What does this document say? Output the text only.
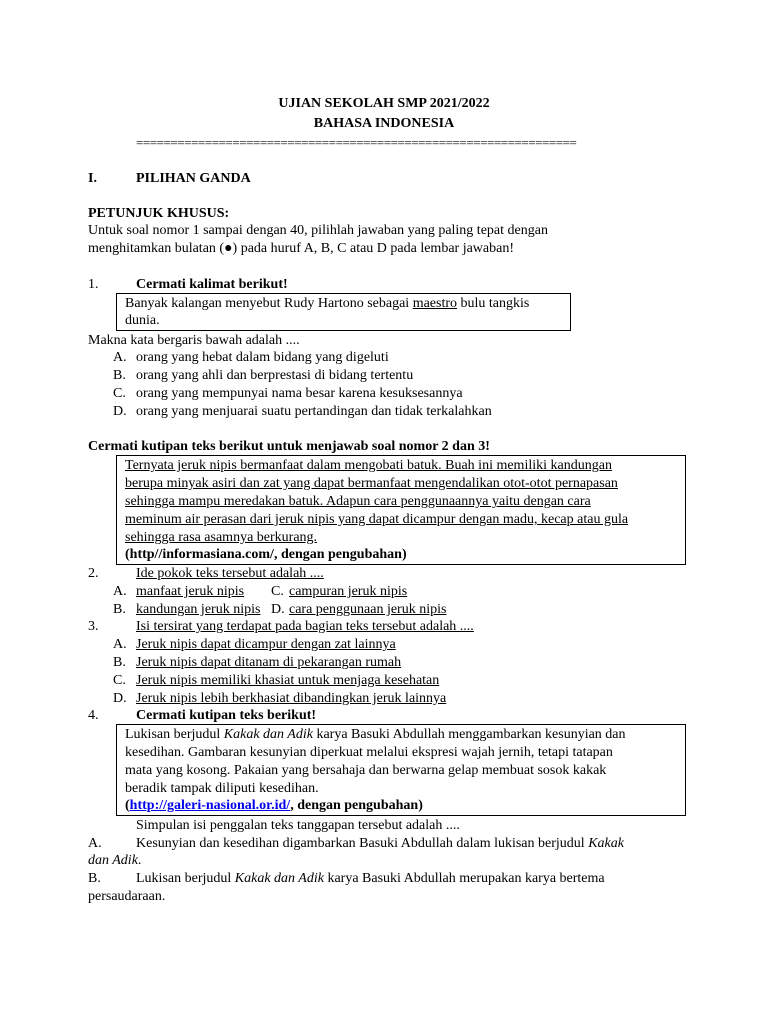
UJIAN SEKOLAH SMP 2021/2022
BAHASA INDONESIA
================================================================
I.	PILIHAN GANDA
PETUNJUK KHUSUS:
Untuk soal nomor 1 sampai dengan 40, pilihlah jawaban yang paling tepat dengan
menghitamkan bulatan (●) pada huruf A, B, C atau D pada lembar jawaban!
1.	Cermati kalimat berikut!
Banyak kalangan menyebut Rudy Hartono sebagai maestro bulu tangkis
dunia.
Makna kata bergaris bawah adalah ....
A. orang yang hebat dalam bidang yang digeluti
B. orang yang ahli dan berprestasi di bidang tertentu
C. orang yang mempunyai nama besar karena kesuksesannya
D. orang yang menjuarai suatu pertandingan dan tidak terkalahkan
Cermati kutipan teks berikut untuk menjawab soal nomor 2 dan 3!
Ternyata jeruk nipis bermanfaat dalam mengobati batuk. Buah ini memiliki kandungan
berupa minyak asiri dan zat yang dapat bermanfaat mengendalikan otot-otot pernapasan
sehingga mampu meredakan batuk. Adapun cara penggunaannya yaitu dengan cara
meminum air perasan dari jeruk nipis yang dapat dicampur dengan madu, kecap atau gula
sehingga rasa asamnya berkurang.
(http//informasiana.com/, dengan pengubahan)
2.	Ide pokok teks tersebut adalah ....
A. manfaat jeruk nipis C. campuran jeruk nipis
B. kandungan jeruk nipis D. cara penggunaan jeruk nipis
3.	Isi tersirat yang terdapat pada bagian teks tersebut adalah ....
A. Jeruk nipis dapat dicampur dengan zat lainnya
B. Jeruk nipis dapat ditanam di pekarangan rumah
C. Jeruk nipis memiliki khasiat untuk menjaga kesehatan
D. Jeruk nipis lebih berkhasiat dibandingkan jeruk lainnya
4.	Cermati kutipan teks berikut!
Lukisan berjudul Kakak dan Adik karya Basuki Abdullah menggambarkan kesunyian dan
kesedihan. Gambaran kesunyian diperkuat melalui ekspresi wajah jernih, tetapi tatapan
mata yang kosong. Pakaian yang bersahaja dan berwarna gelap membuat sosok kakak
beradik tampak diliputi kesedihan.
(http://galeri-nasional.or.id/, dengan pengubahan)
Simpulan isi penggalan teks tanggapan tersebut adalah ....
A. Kesunyian dan kesedihan digambarkan Basuki Abdullah dalam lukisan berjudul Kakak
dan Adik.
B.	Lukisan berjudul Kakak dan Adik karya Basuki Abdullah merupakan karya bertema
persaudaraan.
